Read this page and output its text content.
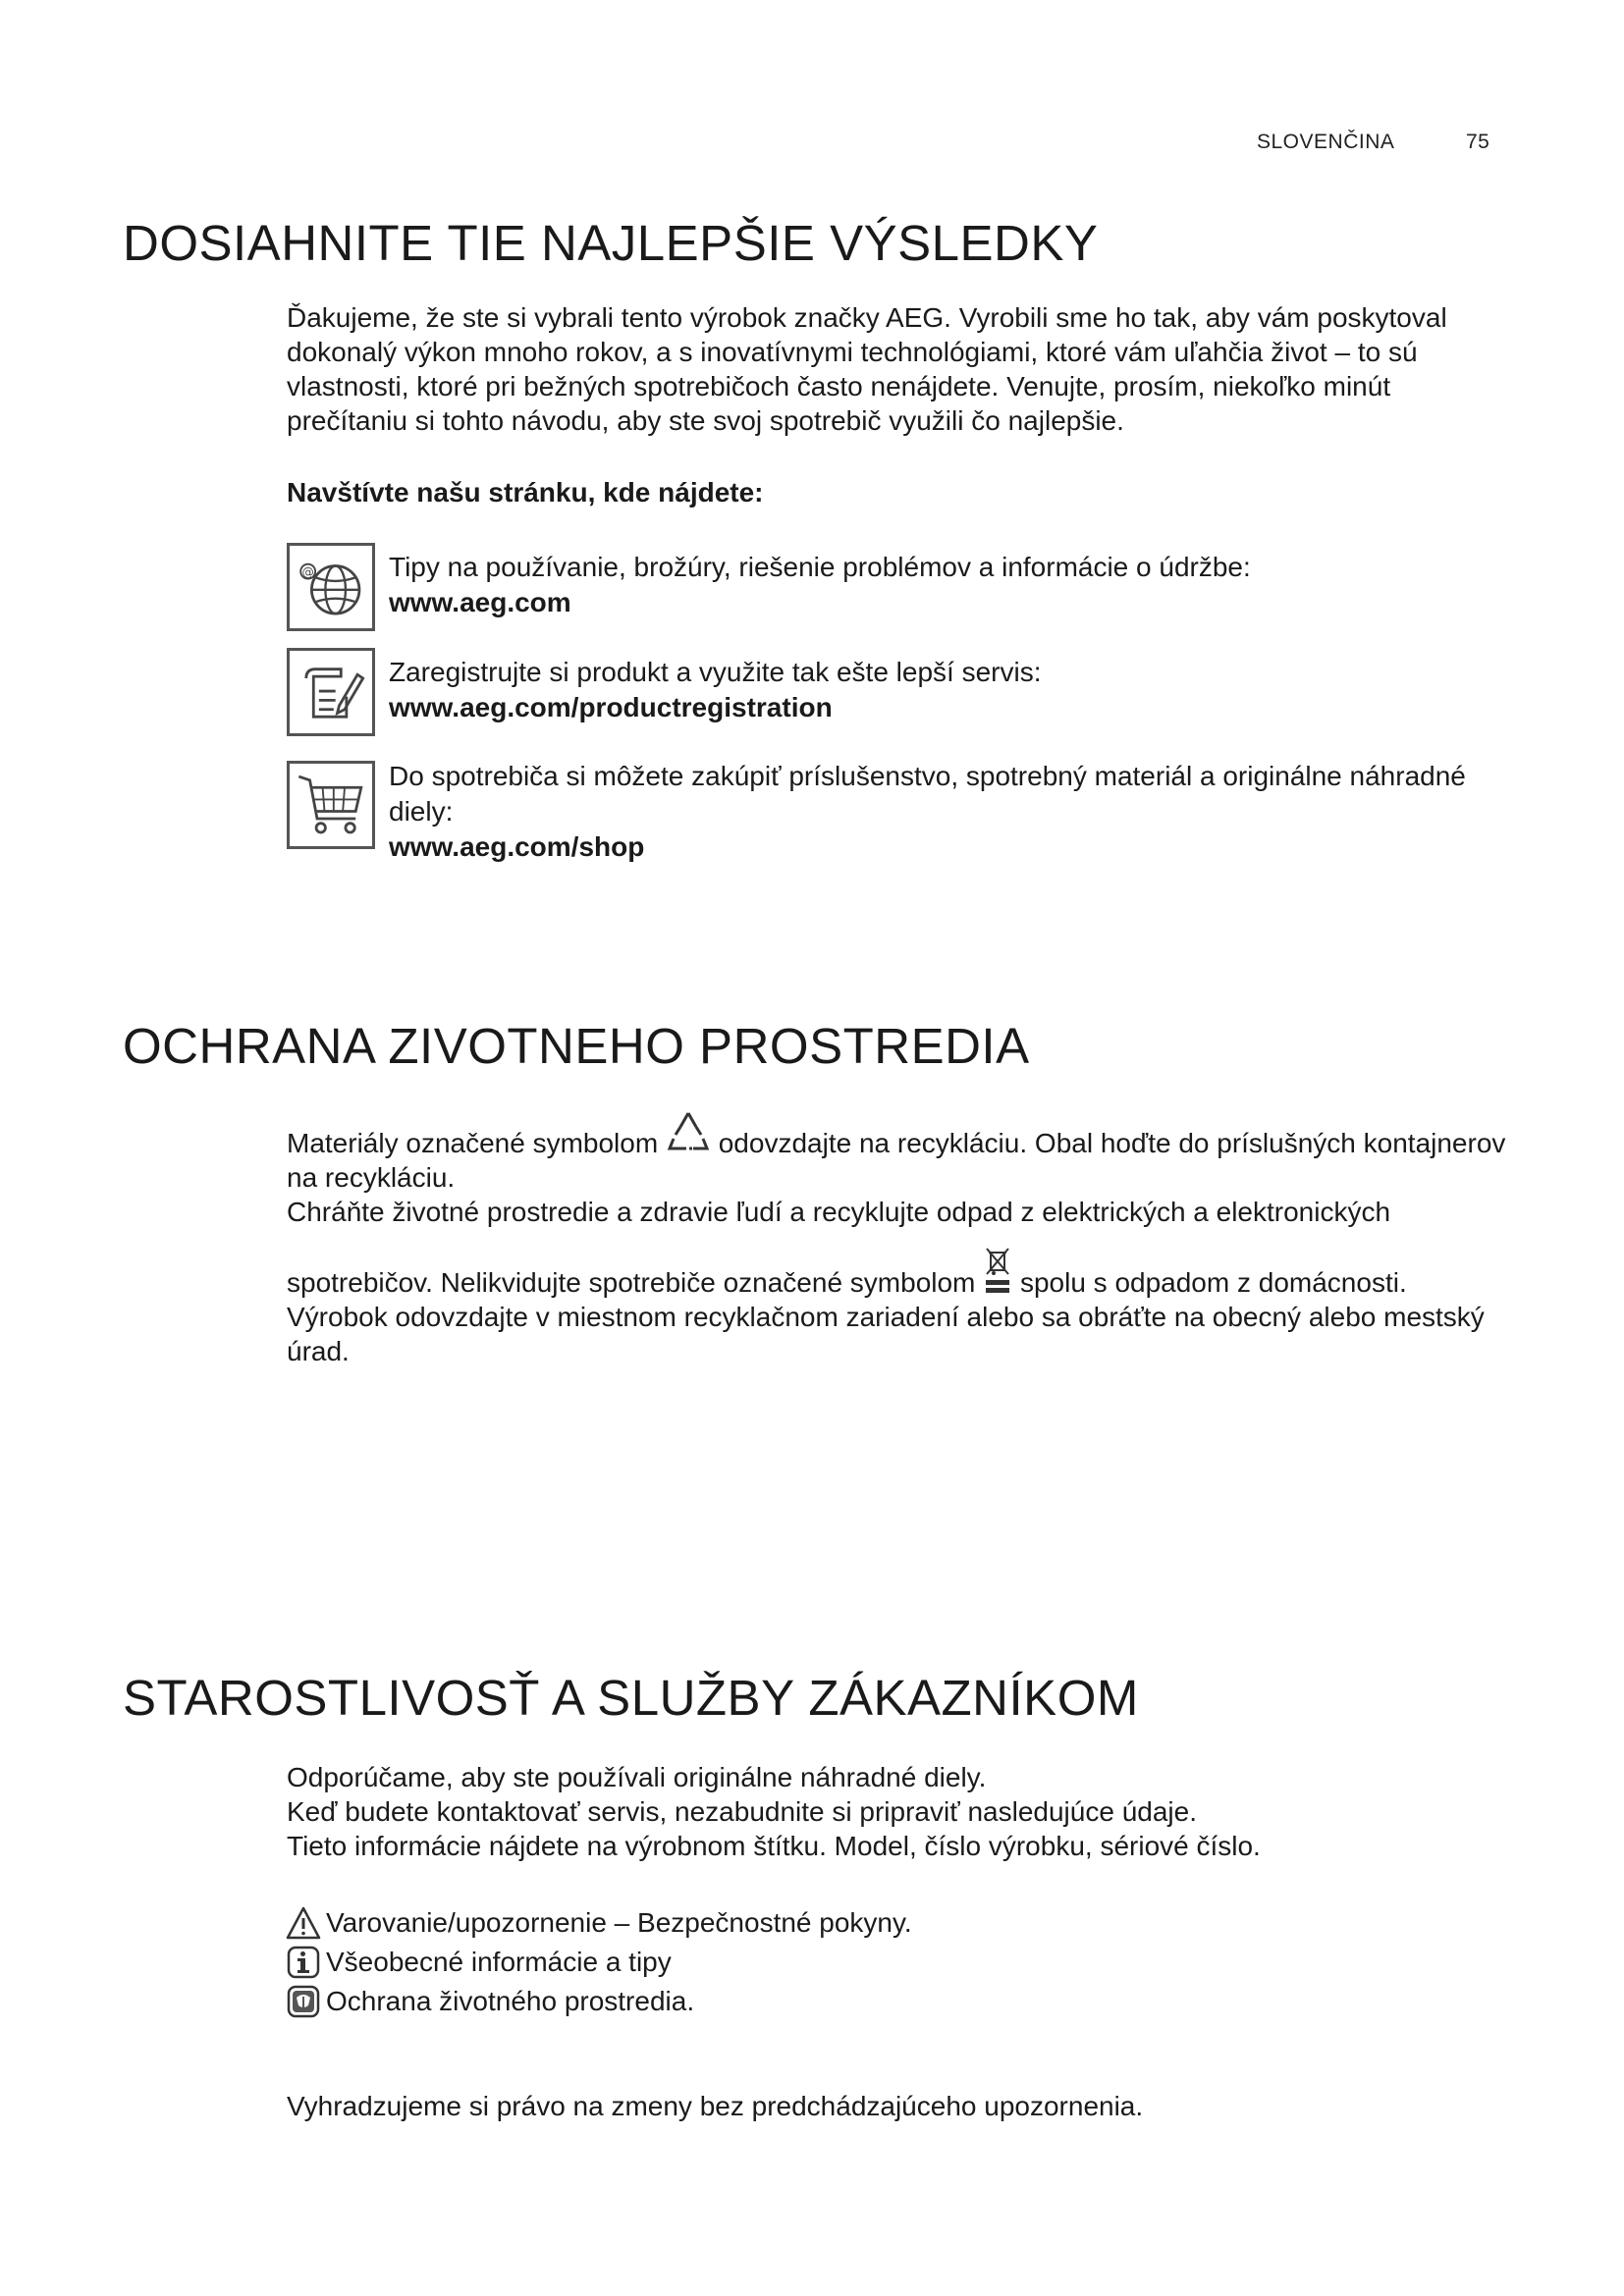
SLOVENČINA	75
DOSIAHNITE TIE NAJLEPŠIE VÝSLEDKY

Ďakujeme, že ste si vybrali tento výrobok značky AEG. Vyrobili sme ho tak, aby vám poskytoval dokonalý výkon mnoho rokov, a s inovatívnymi technológiami, ktoré vám uľahčia život – to sú vlastnosti, ktoré pri bežných spotrebičoch často nenájdete. Venujte, prosím, niekoľko minút prečítaniu si tohto návodu, aby ste svoj spotrebič využili čo najlepšie.

Navštívte našu stránku, kde nájdete:

@	Tipy na používanie, brožúry, riešenie problémov a informácie o údržbe:
www.aeg.com
Zaregistrujte si produkt a využite tak ešte lepší servis:
www.aeg.com/productregistration
Do spotrebiča si môžete zakúpiť príslušenstvo, spotrebný materiál a originálne náhradné diely:
www.aeg.com/shop
OCHRANA ZIVOTNEHO PROSTREDIA

Materiály označené symbolom odovzdajte na recykláciu. Obal hoďte do príslušných kontajnerov na recykláciu.

Chráňte životné prostredie a zdravie ľudí a recyklujte odpad z elektrických a elektronických

spotrebičov. Nelikvidujte spotrebiče označené symbolom spolu s odpadom z domácnosti. Výrobok odovzdajte v miestnom recyklačnom zariadení alebo sa obráťte na obecný alebo mestský úrad.

STAROSTLIVOSŤ A SLUŽBY ZÁKAZNÍKOM
Odporúčame, aby ste používali originálne náhradné diely.
Keď budete kontaktovať servis, nezabudnite si pripraviť nasledujúce údaje.
Tieto informácie nájdete na výrobnom štítku. Model, číslo výrobku, sériové číslo.
Varovanie/upozornenie – Bezpečnostné pokyny.
Všeobecné informácie a tipy
Ochrana životného prostredia.

Vyhradzujeme si právo na zmeny bez predchádzajúceho upozornenia.
